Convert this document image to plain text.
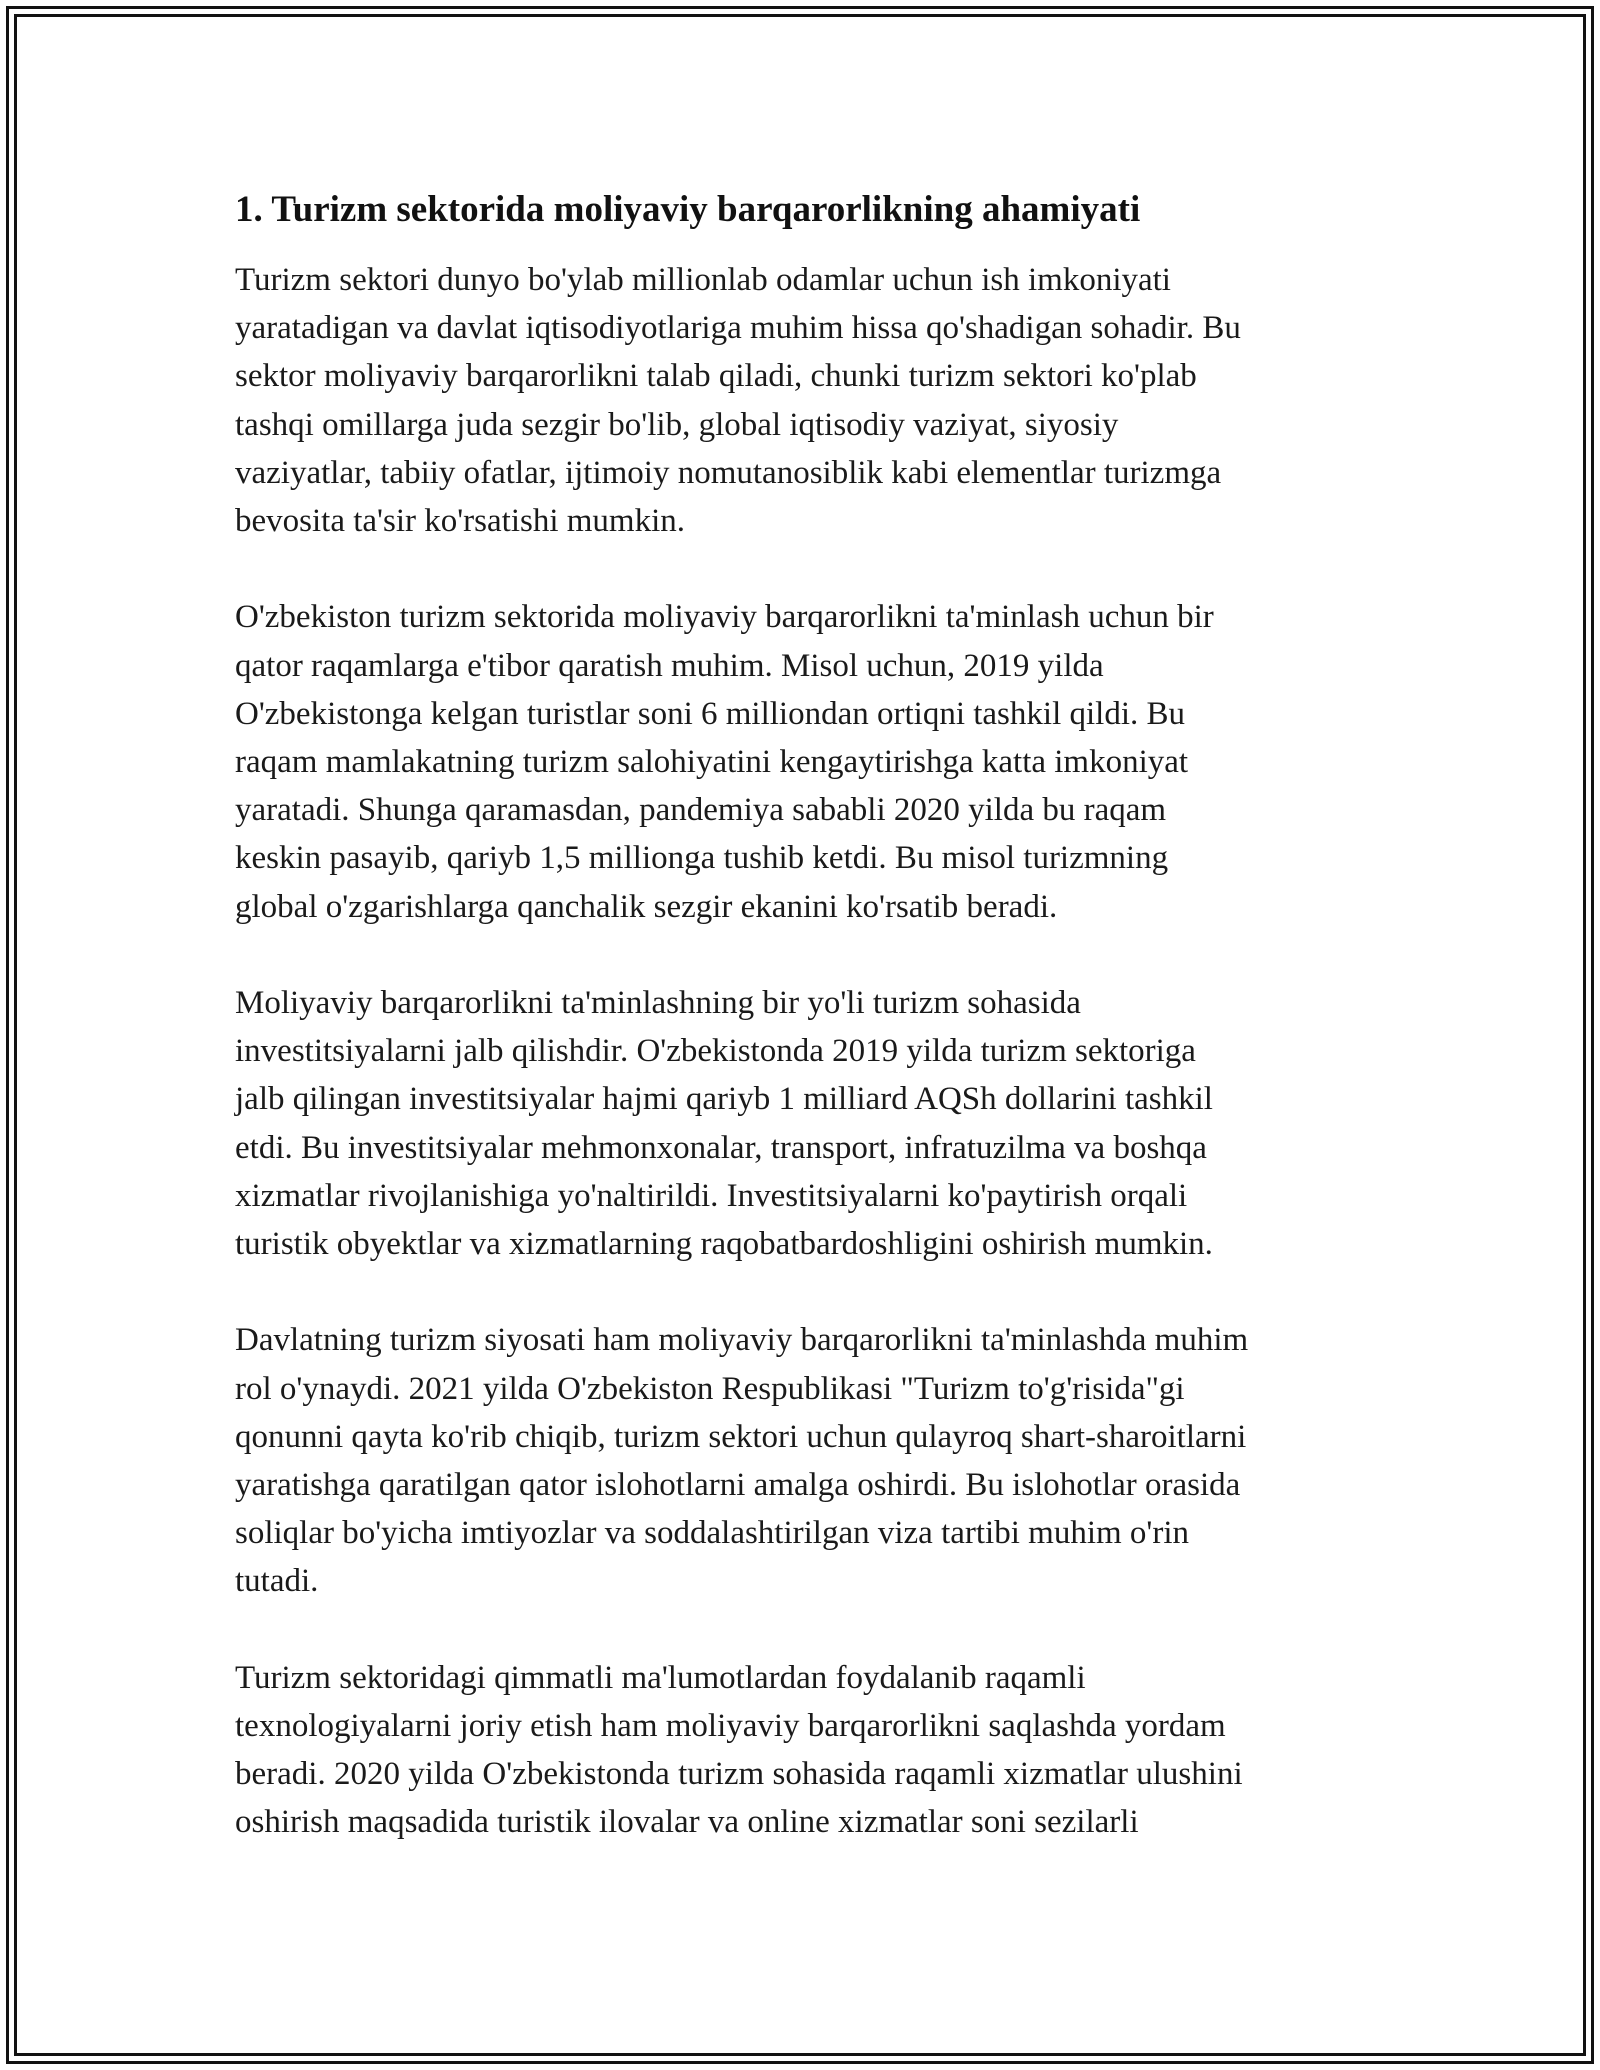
1. Turizm sektorida moliyaviy barqarorlikning ahamiyati

Turizm sektori dunyo bo'ylab millionlab odamlar uchun ish imkoniyati
yaratadigan va davlat iqtisodiyotlariga muhim hissa qo'shadigan sohadir. Bu
sektor moliyaviy barqarorlikni talab qiladi, chunki turizm sektori ko'plab
tashqi omillarga juda sezgir bo'lib, global iqtisodiy vaziyat, siyosiy
vaziyatlar, tabiiy ofatlar, ijtimoiy nomutanosiblik kabi elementlar turizmga
bevosita ta'sir ko'rsatishi mumkin.

O'zbekiston turizm sektorida moliyaviy barqarorlikni ta'minlash uchun bir
qator raqamlarga e'tibor qaratish muhim. Misol uchun, 2019 yilda
O'zbekistonga kelgan turistlar soni 6 milliondan ortiqni tashkil qildi. Bu
raqam mamlakatning turizm salohiyatini kengaytirishga katta imkoniyat
yaratadi. Shunga qaramasdan, pandemiya sababli 2020 yilda bu raqam
keskin pasayib, qariyb 1,5 millionga tushib ketdi. Bu misol turizmning
global o'zgarishlarga qanchalik sezgir ekanini ko'rsatib beradi.

Moliyaviy barqarorlikni ta'minlashning bir yo'li turizm sohasida
investitsiyalarni jalb qilishdir. O'zbekistonda 2019 yilda turizm sektoriga
jalb qilingan investitsiyalar hajmi qariyb 1 milliard AQSh dollarini tashkil
etdi. Bu investitsiyalar mehmonxonalar, transport, infratuzilma va boshqa
xizmatlar rivojlanishiga yo'naltirildi. Investitsiyalarni ko'paytirish orqali
turistik obyektlar va xizmatlarning raqobatbardoshligini oshirish mumkin.

Davlatning turizm siyosati ham moliyaviy barqarorlikni ta'minlashda muhim
rol o'ynaydi. 2021 yilda O'zbekiston Respublikasi "Turizm to'g'risida"gi
qonunni qayta ko'rib chiqib, turizm sektori uchun qulayroq shart-sharoitlarni
yaratishga qaratilgan qator islohotlarni amalga oshirdi. Bu islohotlar orasida
soliqlar bo'yicha imtiyozlar va soddalashtirilgan viza tartibi muhim o'rin
tutadi.

Turizm sektoridagi qimmatli ma'lumotlardan foydalanib raqamli
texnologiyalarni joriy etish ham moliyaviy barqarorlikni saqlashda yordam
beradi. 2020 yilda O'zbekistonda turizm sohasida raqamli xizmatlar ulushini
oshirish maqsadida turistik ilovalar va online xizmatlar soni sezilarli
